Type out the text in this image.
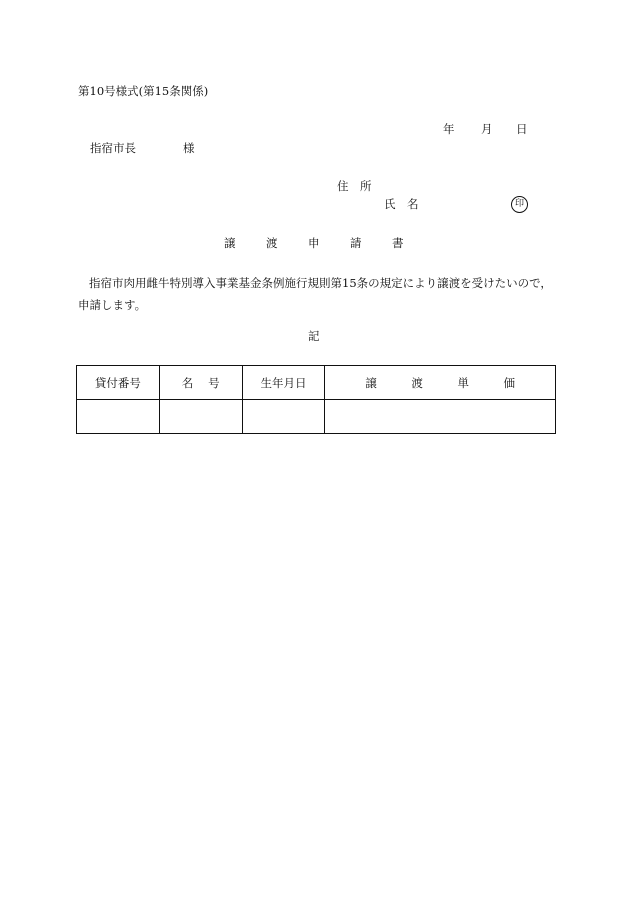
第10号様式(第15条関係)
年 月 日
指宿市長	様
住　所
氏　名	印
譲	渡	申	請	書
指宿市肉用雌牛特別導入事業基金条例施行規則第15条の規定により譲渡を受けたいので，申請します。
記
貸付番号	名 号	生年月日	譲 渡 単 価
